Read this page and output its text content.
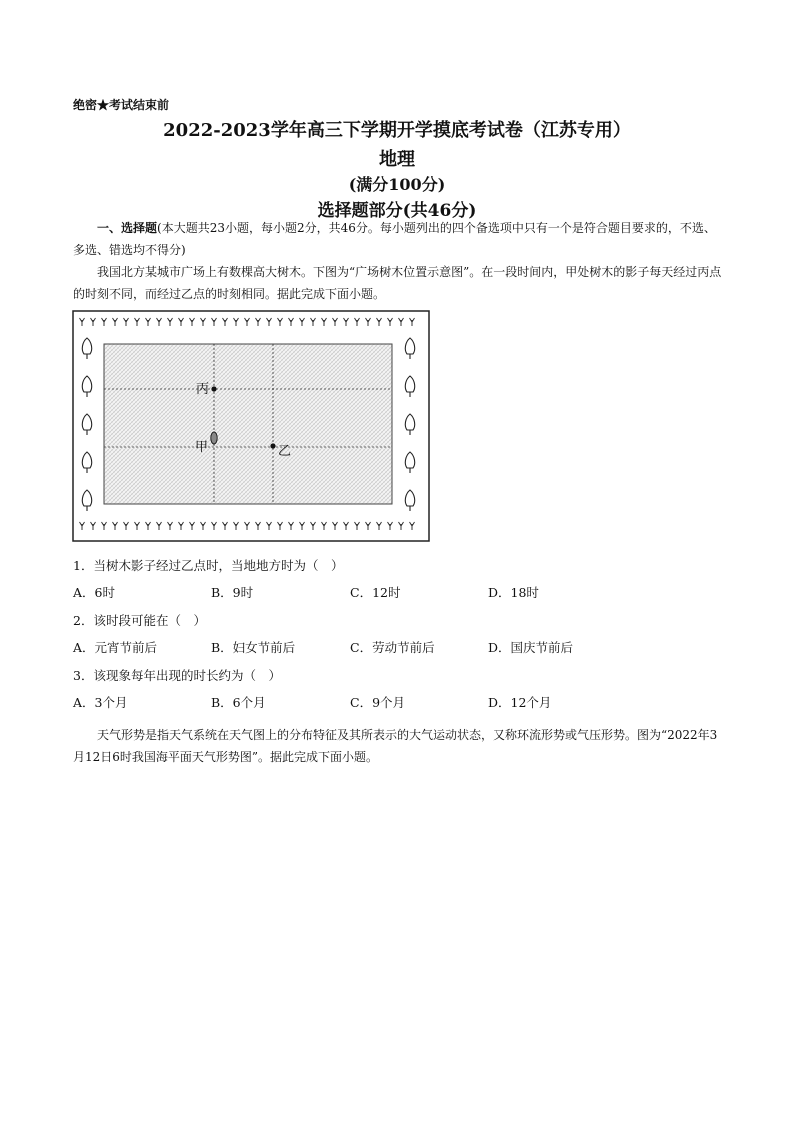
绝密★考试结束前
2022-2023学年高三下学期开学摸底考试卷（江苏专用）
地理
(满分100分)
选择题部分(共46分)
一、选择题(本大题共23小题，每小题2分，共46分。每小题列出的四个备选项中只有一个是符合题目要求的，不选、多选、错选均不得分)
我国北方某城市广场上有数棵高大树木。下图为“广场树木位置示意图”。在一段时间内，甲处树木的影子每天经过丙点的时刻不同，而经过乙点的时刻相同。据此完成下面小题。
丙
甲	乙
1．当树木影子经过乙点时，当地地方时为（　）
A．6时	B．9时	C．12时	D．18时
2．该时段可能在（　）
A．元宵节前后	B．妇女节前后	C．劳动节前后	D．国庆节前后
3．该现象每年出现的时长约为（　）
A．3个月	B．6个月	C．9个月	D．12个月
天气形势是指天气系统在天气图上的分布特征及其所表示的大气运动状态，又称环流形势或气压形势。图为“2022年3月12日6时我国海平面天气形势图”。据此完成下面小题。
